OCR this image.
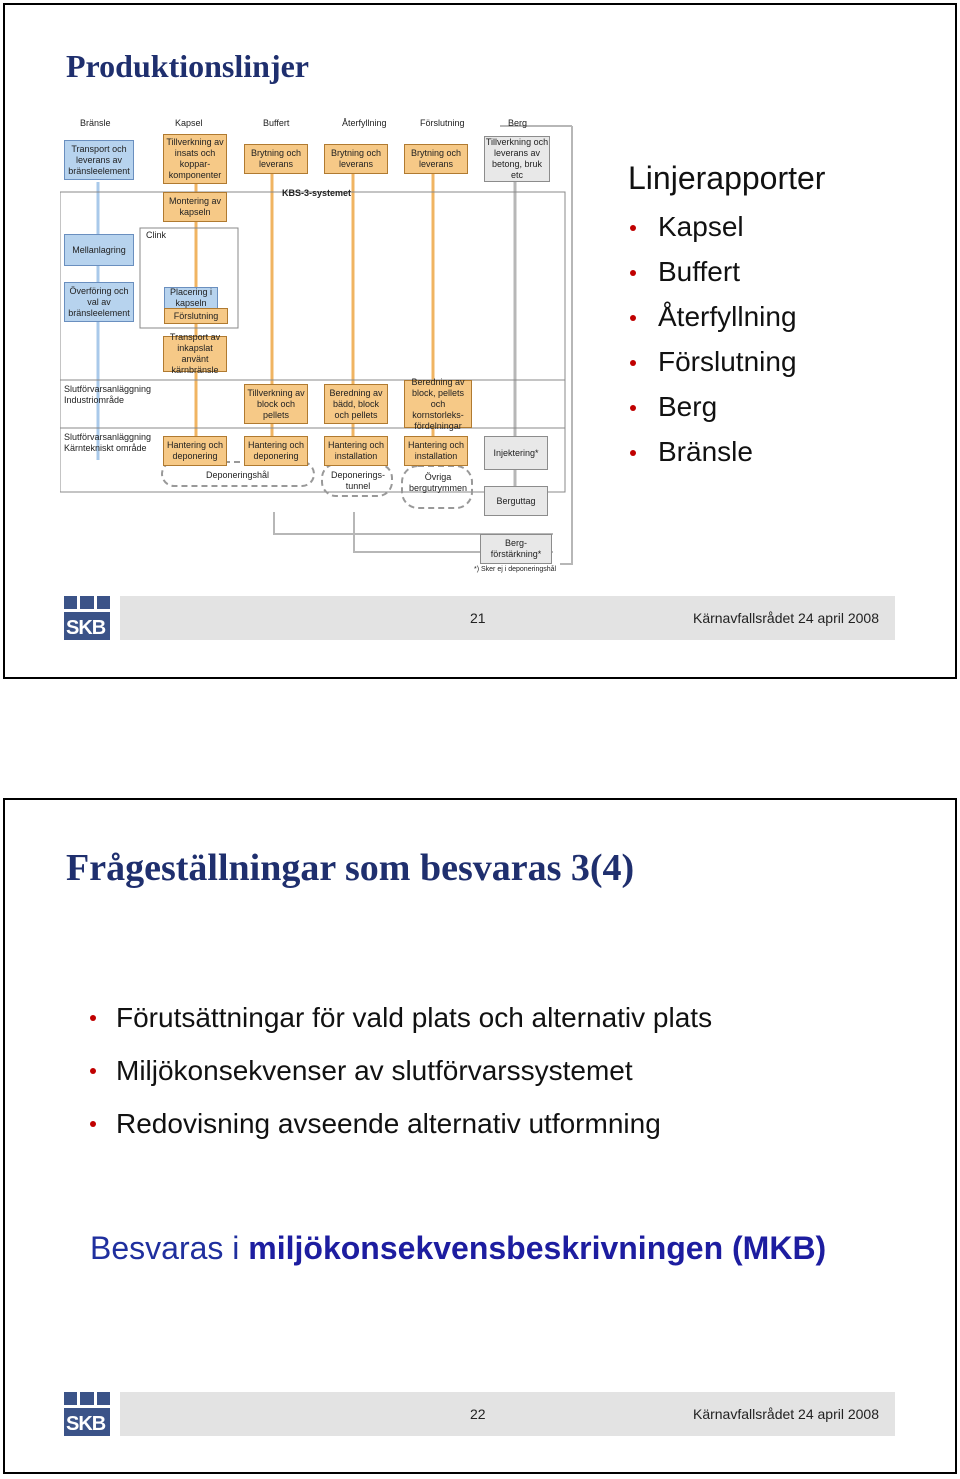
Produktionslinjer
Bränsle	Kapsel	Buffert	Återfyllning	Förslutning	Berg
Transport och leverans av bränsleelement
Mellanlagring
Clink
Överföring och val av bränsleelement
Slutförvarsanläggning Industriområde
Slutförvarsanläggning Kärntekniskt område
Tillverkning av insats och koppar-komponenter
Montering av kapseln
Placering i kapseln
Förslutning
Transport av inkapslat använt kärnbränsle
Hantering och deponering
Brytning och leverans
KBS-3-systemet
Tillverkning av block och pellets
Hantering och deponering
Deponeringshål
Brytning och leverans
Beredning av bädd, block och pellets
Hantering och installation
Deponerings-tunnel
Brytning och leverans
Beredning av block, pellets och kornstorleks-fördelningar
Hantering och installation
Övriga bergutrymmen
Tillverkning och leverans av betong, bruk etc
Injektering*
Berguttag
Berg-förstärkning*
*) Sker ej i deponeringshål
Linjerapporter
Kapsel
Buffert
Återfyllning
Förslutning
Berg
Bränsle
SKB	21	Kärnavfallsrådet 24 april 2008
Frågeställningar som besvaras 3(4)
Förutsättningar för vald plats och alternativ plats
Miljökonsekvenser av slutförvarssystemet
Redovisning avseende alternativ utformning
Besvaras i miljökonsekvensbeskrivningen (MKB)
SKB	22	Kärnavfallsrådet 24 april 2008
